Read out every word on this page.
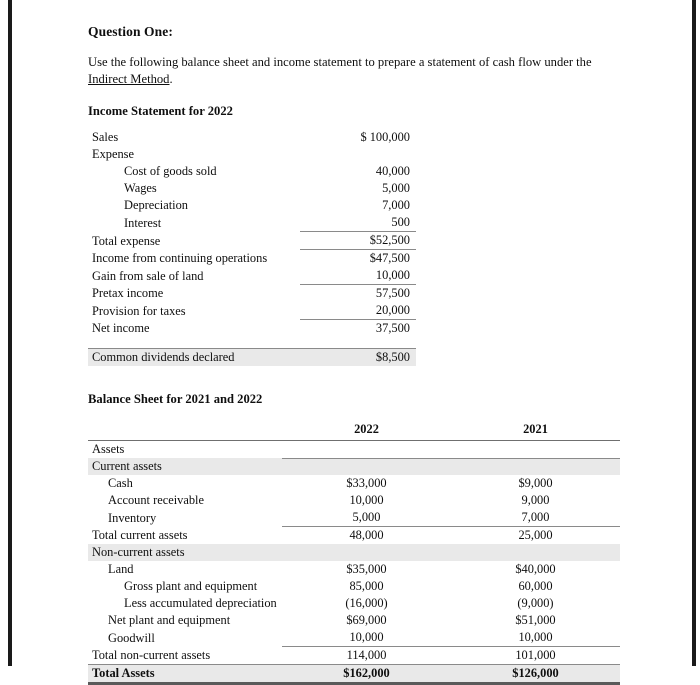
Question One:

Use the following balance sheet and income statement to prepare a statement of cash flow under the Indirect Method.

Income Statement for 2022
Sales	$ 100,000
Expense	
Cost of goods sold	40,000
Wages	5,000
Depreciation	7,000
Interest	500
Total expense	$52,500
Income from continuing operations	$47,500
Gain from sale of land	10,000
Pretax income	57,500
Provision for taxes	20,000
Net income	37,500

Common dividends declared	$8,500
Balance Sheet for 2021 and 2022
	2022	2021
Assets		
Current assets		
Cash	$33,000	$9,000
Account receivable	10,000	9,000
Inventory	5,000	7,000
Total current assets	48,000	25,000
Non-current assets		
Land	$35,000	$40,000
Gross plant and equipment	85,000	60,000
Less accumulated depreciation	(16,000)	(9,000)
Net plant and equipment	$69,000	$51,000
Goodwill	10,000	10,000
Total non-current assets	114,000	101,000
Total Assets	$162,000	$126,000
